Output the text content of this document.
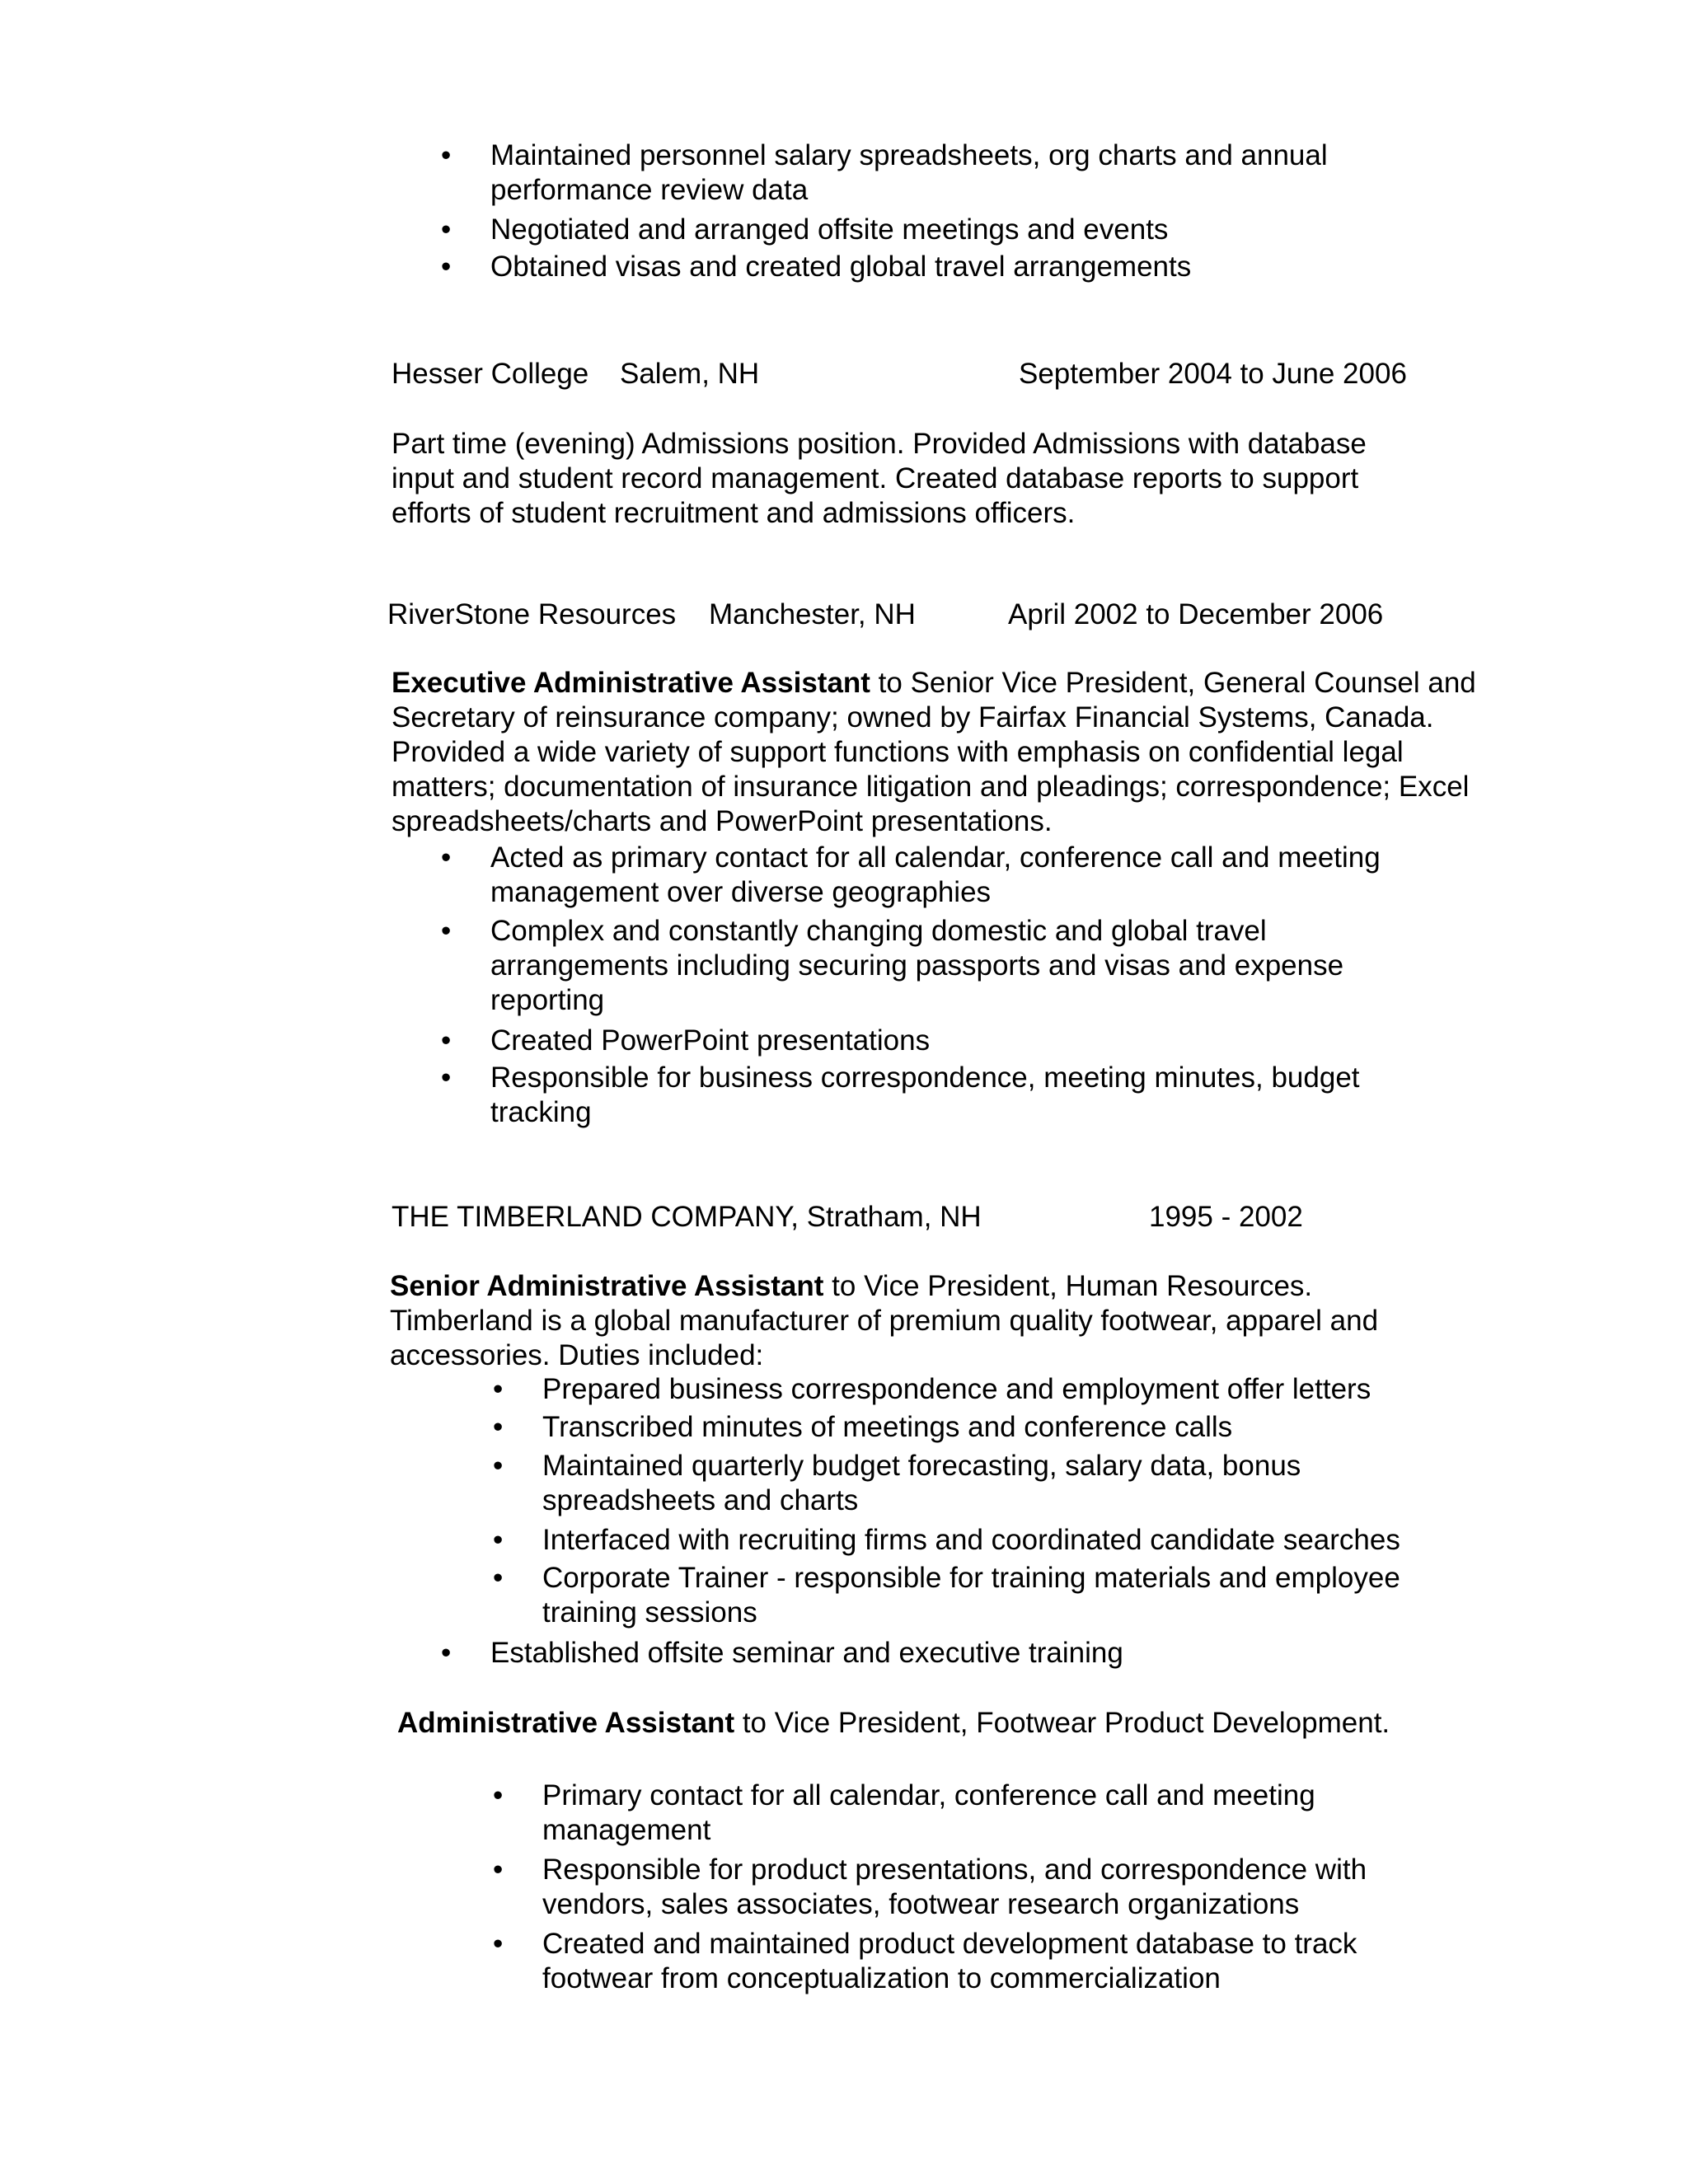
•	Maintained personnel salary spreadsheets, org charts and annual performance review data
•	Negotiated and arranged offsite meetings and events
•	Obtained visas and created global travel arrangements
Hesser College Salem, NH	September 2004 to June 2006
Part time (evening) Admissions position. Provided Admissions with database input and student record management. Created database reports to support efforts of student recruitment and admissions officers.
RiverStone Resources Manchester, NH	April 2002 to December 2006
Executive Administrative Assistant to Senior Vice President, General Counsel and Secretary of reinsurance company; owned by Fairfax Financial Systems, Canada. Provided a wide variety of support functions with emphasis on confidential legal matters; documentation of insurance litigation and pleadings; correspondence; Excel spreadsheets/charts and PowerPoint presentations.
•	Acted as primary contact for all calendar, conference call and meeting management over diverse geographies
•	Complex and constantly changing domestic and global travel arrangements including securing passports and visas and expense reporting
•	Created PowerPoint presentations
•	Responsible for business correspondence, meeting minutes, budget tracking
THE TIMBERLAND COMPANY, Stratham, NH	1995 - 2002
Senior Administrative Assistant to Vice President, Human Resources. Timberland is a global manufacturer of premium quality footwear, apparel and accessories. Duties included:
•	Prepared business correspondence and employment offer letters
•	Transcribed minutes of meetings and conference calls
•	Maintained quarterly budget forecasting, salary data, bonus spreadsheets and charts
•	Interfaced with recruiting firms and coordinated candidate searches
•	Corporate Trainer - responsible for training materials and employee training sessions
•	Established offsite seminar and executive training
Administrative Assistant to Vice President, Footwear Product Development.
•	Primary contact for all calendar, conference call and meeting management
•	Responsible for product presentations, and correspondence with vendors, sales associates, footwear research organizations
•	Created and maintained product development database to track footwear from conceptualization to commercialization
